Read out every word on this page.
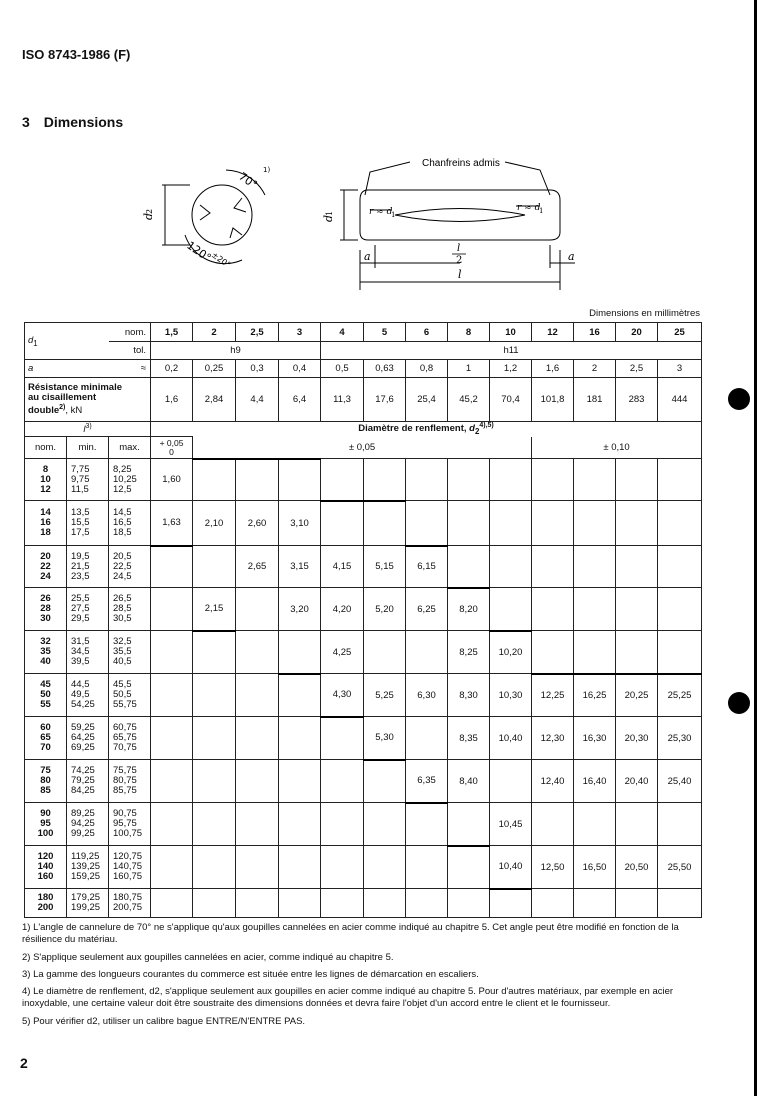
ISO 8743-1986 (F)
3 Dimensions
70° 1)
120°
±20°
d
2
d
1
Chanfreins admis
r ≈ d
1
r ≈ d
1
a	a
l
2
l
Dimensions en millimètres
$d_1$		nom.	1,5	2	2,5	3	4	5	6	8	10	12	16	20	25
		tol.	h9				h11								
a		≈	0,2	0,25	0,3	0,4	0,5	0,63	0,8	1	1,2	1,6	2	2,5	3
Résistance minimale
au cisaillement
double$^{2)}$, kN			1,6	2,84	4,4	6,4	11,3	17,6	25,4	45,2	70,4	101,8	181	283	444
$l^{3)}$			Diamètre de renflement, $d_2^{4),5)}$
nom.	min.	max.	+ 0,05
0	± 0,05								± 0,10			
8
10
12	7,75
9,75
11,5	8,25
10,25
12,5	1,60												
14
16
18	13,5
15,5
17,5	14,5
16,5
18,5	1,63	2,10	2,60	3,10									
20
22
24	19,5
21,5
23,5	20,5
22,5
24,5			2,65	3,15	4,15	5,15	6,15						
26
28
30	25,5
27,5
29,5	26,5
28,5
30,5		2,15		3,20	4,20	5,20	6,25	8,20					
32
35
40	31,5
34,5
39,5	32,5
35,5
40,5					4,25			8,25	10,20				
45
50
55	44,5
49,5
54,25	45,5
50,5
55,75					4,30	5,25	6,30	8,30	10,30	12,25	16,25	20,25	25,25
60
65
70	59,25
64,25
69,25	60,75
65,75
70,75						5,30		8,35	10,40	12,30	16,30	20,30	25,30
75
80
85	74,25
79,25
84,25	75,75
80,75
85,75							6,35	8,40		12,40	16,40	20,40	25,40
90
95
100	89,25
94,25
99,25	90,75
95,75
100,75									10,45				
120
140
160	119,25
139,25
159,25	120,75
140,75
160,75									10,40	12,50	16,50	20,50	25,50
180
200	179,25
199,25	180,75
200,75													
1) L'angle de cannelure de 70° ne s'applique qu'aux goupilles cannelées en acier comme indiqué au chapitre 5. Cet angle peut être modifié en fonction de la résilience du matériau.
2) S'applique seulement aux goupilles cannelées en acier, comme indiqué au chapitre 5.
3) La gamme des longueurs courantes du commerce est située entre les lignes de démarcation en escaliers.
4) Le diamètre de renflement, d2, s'applique seulement aux goupilles en acier comme indiqué au chapitre 5. Pour d'autres matériaux, par exemple en acier inoxydable, une certaine valeur doit être soustraite des dimensions données et devra faire l'objet d'un accord entre le client et le fournisseur.
5) Pour vérifier d2, utiliser un calibre bague ENTRE/N'ENTRE PAS.
2
